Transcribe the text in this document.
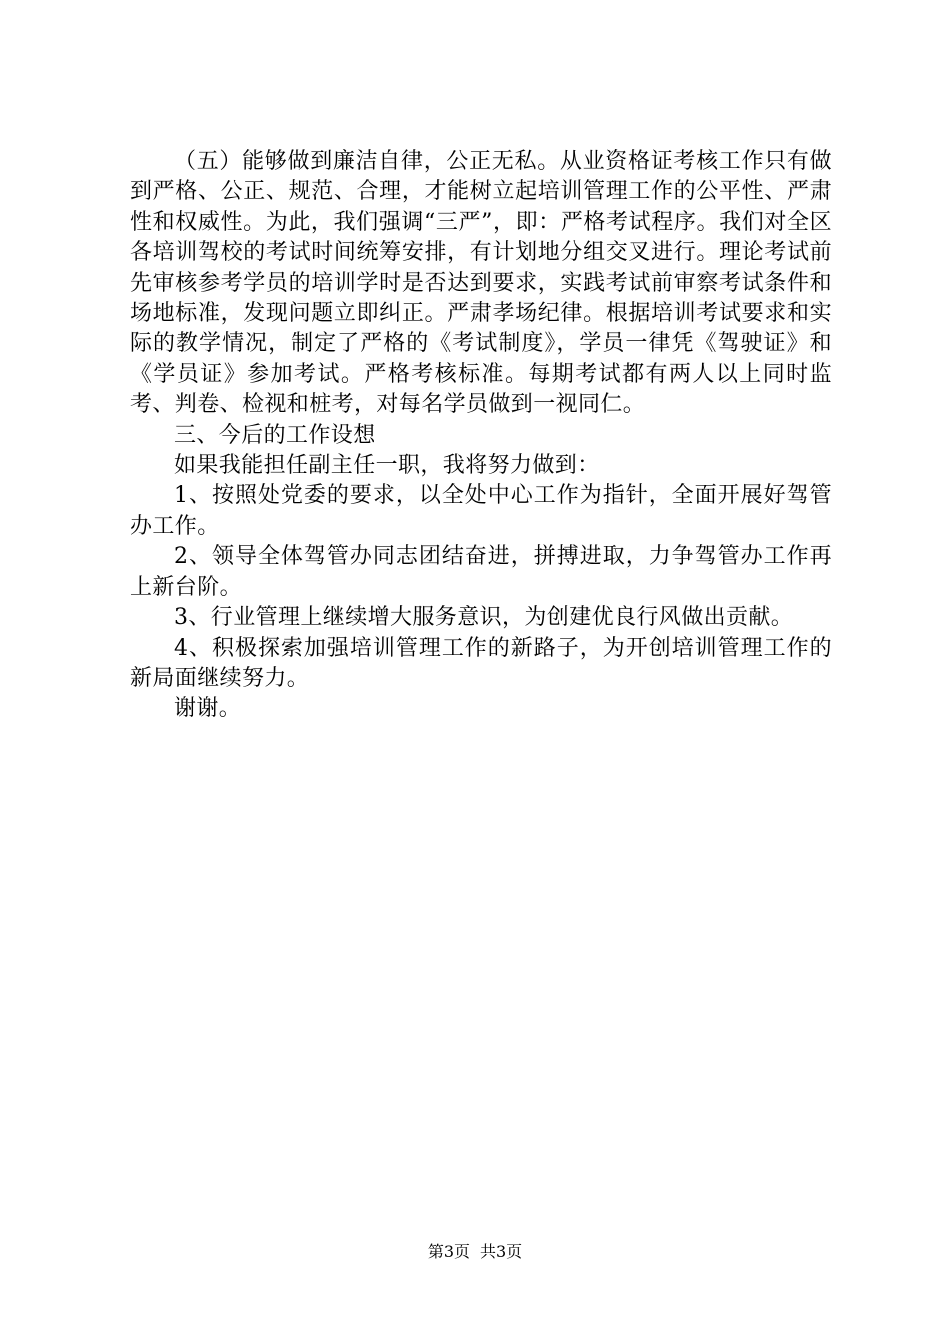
（五）能够做到廉洁自律，公正无私。从业资格证考核工作只有做到严格、公正、规范、合理，才能树立起培训管理工作的公平性、严肃性和权威性。为此，我们强调“三严”，即：严格考试程序。我们对全区各培训驾校的考试时间统筹安排，有计划地分组交叉进行。理论考试前先审核参考学员的培训学时是否达到要求，实践考试前审察考试条件和场地标准，发现问题立即纠正。严肃孝场纪律。根据培训考试要求和实际的教学情况，制定了严格的《考试制度》，学员一律凭《驾驶证》和《学员证》参加考试。严格考核标准。每期考试都有两人以上同时监考、判卷、检视和桩考，对每名学员做到一视同仁。

三、今后的工作设想

如果我能担任副主任一职，我将努力做到：

1、按照处党委的要求，以全处中心工作为指针，全面开展好驾管办工作。

2、领导全体驾管办同志团结奋进，拼搏进取，力争驾管办工作再上新台阶。

3、行业管理上继续增大服务意识，为创建优良行风做出贡献。

4、积极探索加强培训管理工作的新路子，为开创培训管理工作的新局面继续努力。

谢谢。

第3页 共3页
